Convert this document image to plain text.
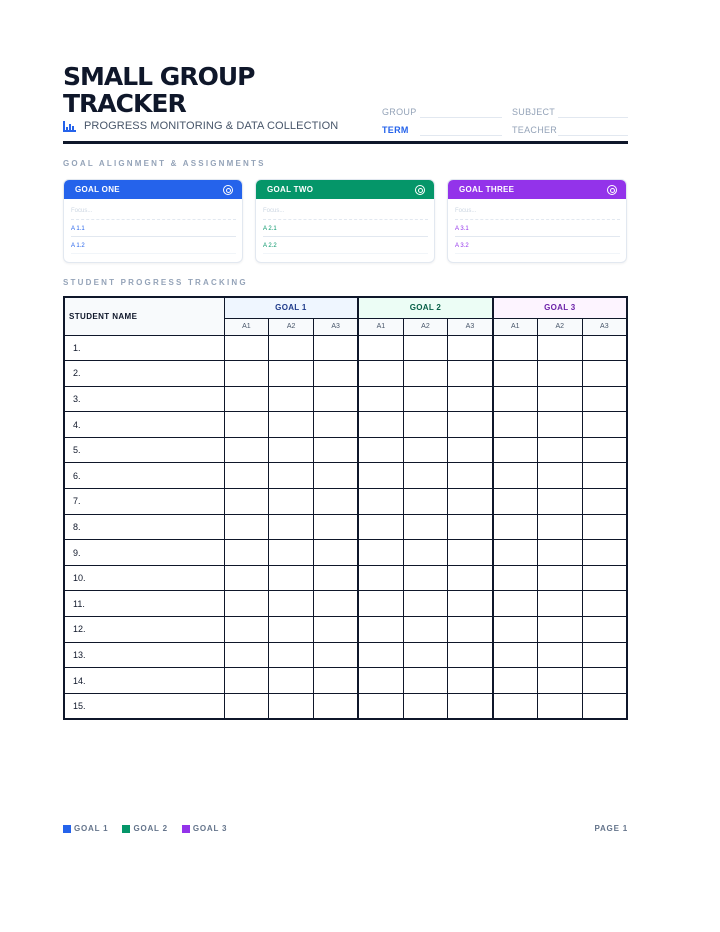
SMALL GROUP
TRACKER
PROGRESS MONITORING & DATA COLLECTION
GROUP	SUBJECT
TERM	TEACHER
GOAL ALIGNMENT & ASSIGNMENTS
GOAL ONE
Focus...
A 1.1
A 1.2
GOAL TWO
Focus...
A 2.1
A 2.2
GOAL THREE
Focus...
A 3.1
A 3.2
STUDENT PROGRESS TRACKING
STUDENT NAME	GOAL 1			GOAL 2			GOAL 3		
	A1	A2	A3	A1	A2	A3	A1	A2	A3
1.									
2.									
3.									
4.									
5.									
6.									
7.									
8.									
9.									
10.									
11.									
12.									
13.									
14.									
15.									
GOAL 1	GOAL 2	GOAL 3	PAGE 1
